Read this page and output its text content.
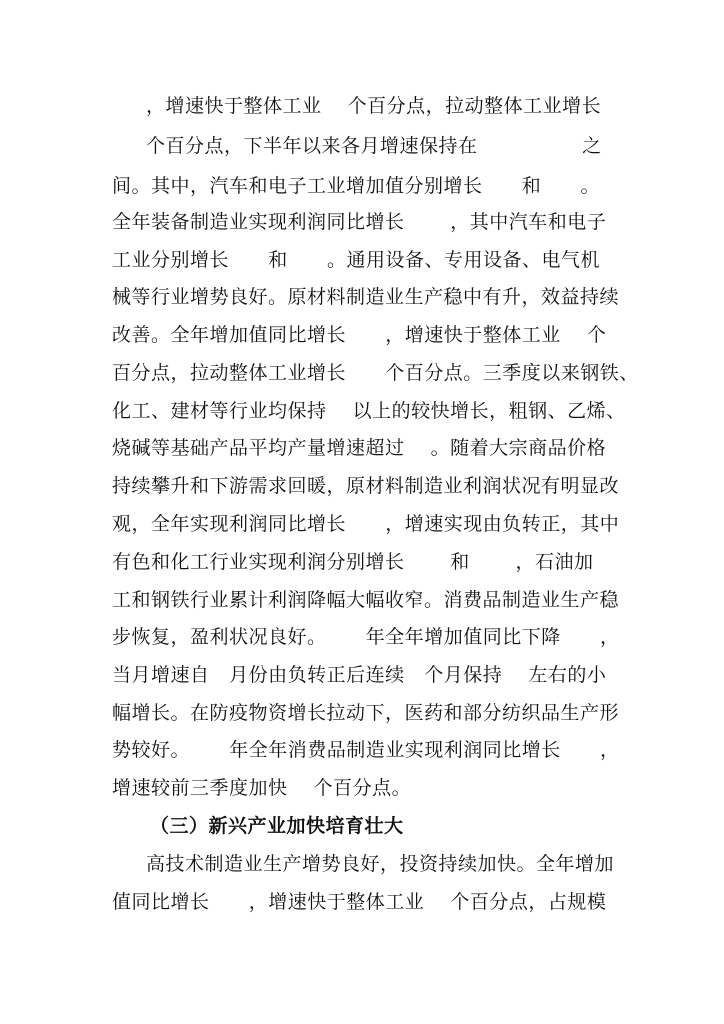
，增速快于整体工业    个百分点，拉动整体工业增长
个百分点，下半年以来各月增速保持在                之
间。其中，汽车和电子工业增加值分别增长      和      。
全年装备制造业实现利润同比增长       ，其中汽车和电子
工业分别增长      和      。通用设备、专用设备、电气机
械等行业增势良好。原材料制造业生产稳中有升，效益持续
改善。全年增加值同比增长      ，增速快于整体工业    个
百分点，拉动整体工业增长      个百分点。三季度以来钢铁、
化工、建材等行业均保持    以上的较快增长，粗钢、乙烯、
烧碱等基础产品平均产量增速超过    。随着大宗商品价格
持续攀升和下游需求回暖，原材料制造业利润状况有明显改
观，全年实现利润同比增长      ，增速实现由负转正，其中
有色和化工行业实现利润分别增长       和       ，石油加
工和钢铁行业累计利润降幅大幅收窄。消费品制造业生产稳
步恢复，盈利状况良好。      年全年增加值同比下降      ，
当月增速自   月份由负转正后连续   个月保持    左右的小
幅增长。在防疫物资增长拉动下，医药和部分纺织品生产形
势较好。      年全年消费品制造业实现利润同比增长      ，
增速较前三季度加快    个百分点。
（三）新兴产业加快培育壮大
高技术制造业生产增势良好，投资持续加快。全年增加
值同比增长      ，增速快于整体工业    个百分点，占规模
